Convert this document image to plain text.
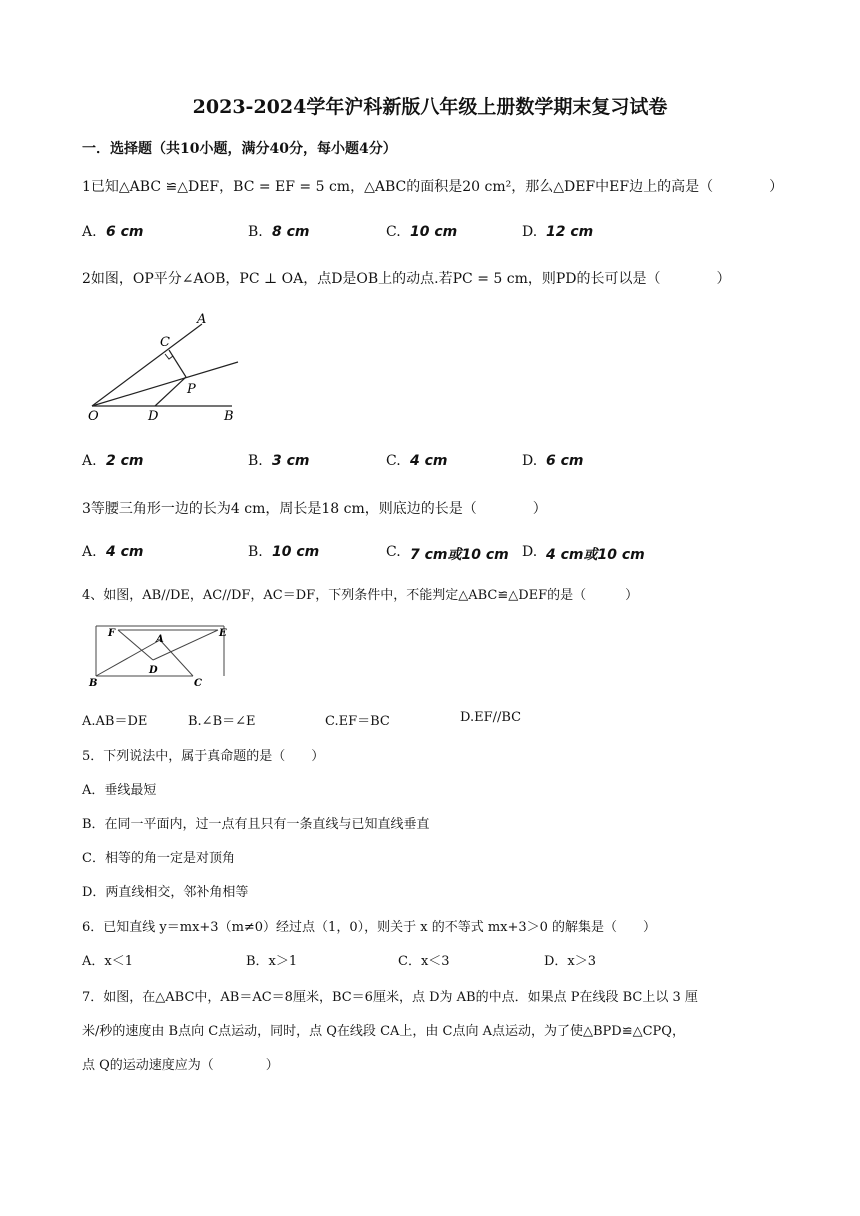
2023-2024学年沪科新版八年级上册数学期末复习试卷
一．选择题（共10小题，满分40分，每小题4分）
1已知△ABC ≌△DEF，BC = EF = 5 cm，△ABC的面积是20 cm²，那么△DEF中EF边上的高是（　　　　）
A. 6 cm	B. 8 cm	C. 10 cm	D. 12 cm
2如图，OP平分∠AOB，PC ⊥ OA，点D是OB上的动点.若PC = 5 cm，则PD的长可以是（　　　　）
A
C
P
O	D	B
A. 2 cm	B. 3 cm	C. 4 cm	D. 6 cm
3等腰三角形一边的长为4 cm，周长是18 cm，则底边的长是（　　　　）
A. 4 cm	B. 10 cm	C. 7 cm或10 cm D. 4 cm或10 cm
4、如图，AB//DE，AC//DF，AC＝DF，下列条件中，不能判定△ABC≌△DEF的是（　　　）
F
A
E
D
B	C
A.AB＝DE	B.∠B＝∠E	C.EF＝BC	D.EF//BC
5．下列说法中，属于真命题的是（　　）
A．垂线最短
B．在同一平面内，过一点有且只有一条直线与已知直线垂直
C．相等的角一定是对顶角
D．两直线相交，邻补角相等
6．已知直线 y＝mx+3（m≠0）经过点（1，0），则关于 x 的不等式 mx+3＞0 的解集是（　　）
A．x＜1	B．x＞1	C．x＜3	D．x＞3
7．如图，在△ABC中，AB＝AC＝8厘米，BC＝6厘米，点 D为 AB的中点．如果点 P在线段 BC上以 3 厘
米/秒的速度由 B点向 C点运动，同时，点 Q在线段 CA上，由 C点向 A点运动，为了使△BPD≌△CPQ，
点 Q的运动速度应为（　　　　）
